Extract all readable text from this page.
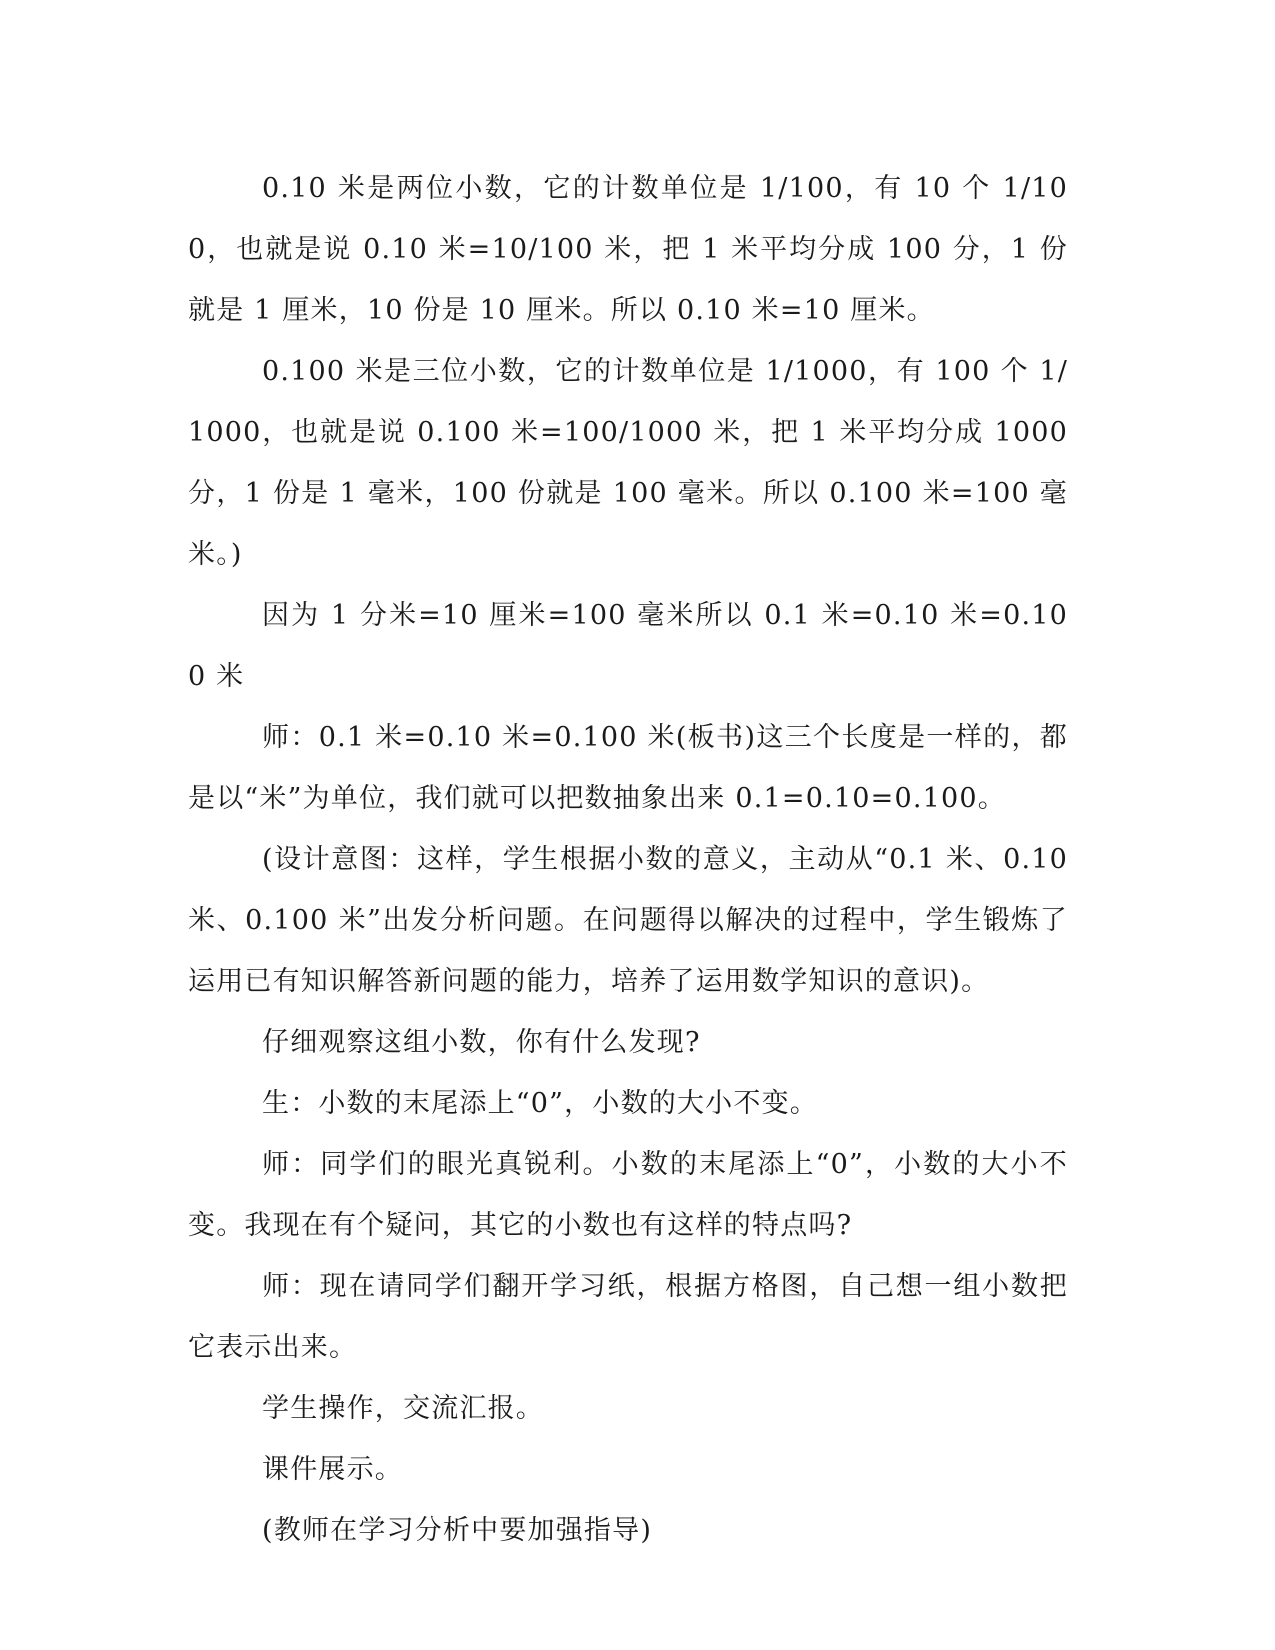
0.10 米是两位小数，它的计数单位是 1/100，有 10 个 1/100，也就是说 0.10 米=10/100 米，把 1 米平均分成 100 分，1 份就是 1 厘米，10 份是 10 厘米。所以 0.10 米=10 厘米。

0.100 米是三位小数，它的计数单位是 1/1000，有 100 个 1/1000，也就是说 0.100 米=100/1000 米，把 1 米平均分成 1000 分，1 份是 1 毫米，100 份就是 100 毫米。所以 0.100 米=100 毫米。)

因为 1 分米=10 厘米=100 毫米所以 0.1 米=0.10 米=0.100 米

师：0.1 米=0.10 米=0.100 米(板书)这三个长度是一样的，都是以“米”为单位，我们就可以把数抽象出来 0.1=0.10=0.100。

(设计意图：这样，学生根据小数的意义，主动从“0.1 米、0.10 米、0.100 米”出发分析问题。在问题得以解决的过程中，学生锻炼了运用已有知识解答新问题的能力，培养了运用数学知识的意识)。

仔细观察这组小数，你有什么发现?

生：小数的末尾添上“0”，小数的大小不变。

师：同学们的眼光真锐利。小数的末尾添上“0”，小数的大小不变。我现在有个疑问，其它的小数也有这样的特点吗?

师：现在请同学们翻开学习纸，根据方格图，自己想一组小数把它表示出来。

学生操作，交流汇报。

课件展示。

(教师在学习分析中要加强指导)
